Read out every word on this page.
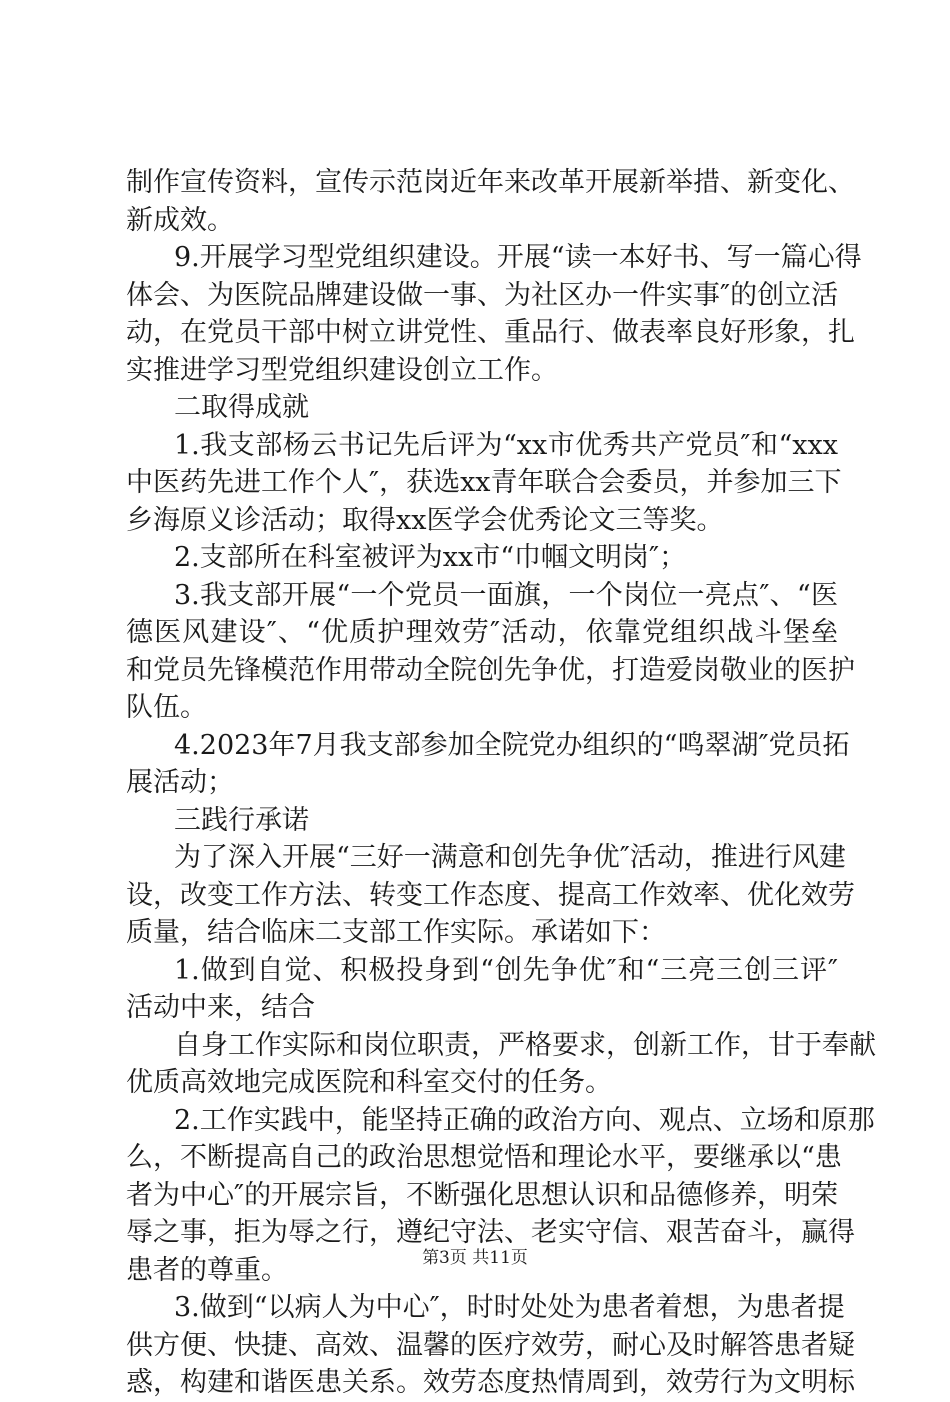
制作宣传资料，宣传示范岗近年来改革开展新举措、新变化、
新成效。
9.开展学习型党组织建设。开展“读一本好书、写一篇心得
体会、为医院品牌建设做一事、为社区办一件实事″的创立活
动，在党员干部中树立讲党性、重品行、做表率良好形象，扎
实推进学习型党组织建设创立工作。
二取得成就
1.我支部杨云书记先后评为“xx市优秀共产党员″和“xxx
中医药先进工作个人″，获选xx青年联合会委员，并参加三下
乡海原义诊活动；取得xx医学会优秀论文三等奖。
2.支部所在科室被评为xx市“巾帼文明岗″；
3.我支部开展“一个党员一面旗，一个岗位一亮点″、“医
德医风建设″、“优质护理效劳″活动，依靠党组织战斗堡垒
和党员先锋模范作用带动全院创先争优，打造爱岗敬业的医护
队伍。
4.2023年7月我支部参加全院党办组织的“鸣翠湖″党员拓
展活动；
三践行承诺
为了深入开展“三好一满意和创先争优″活动，推进行风建
设，改变工作方法、转变工作态度、提高工作效率、优化效劳
质量，结合临床二支部工作实际。承诺如下：
1.做到自觉、积极投身到“创先争优″和“三亮三创三评″
活动中来，结合
自身工作实际和岗位职责，严格要求，创新工作，甘于奉献
优质高效地完成医院和科室交付的任务。
2.工作实践中，能坚持正确的政治方向、观点、立场和原那
么，不断提高自己的政治思想觉悟和理论水平，要继承以“患
者为中心″的开展宗旨，不断强化思想认识和品德修养，明荣
辱之事，拒为辱之行，遵纪守法、老实守信、艰苦奋斗，赢得
患者的尊重。
3.做到“以病人为中心″，时时处处为患者着想，为患者提
供方便、快捷、高效、温馨的医疗效劳，耐心及时解答患者疑
惑，构建和谐医患关系。效劳态度热情周到，效劳行为文明标
第3页 共11页
